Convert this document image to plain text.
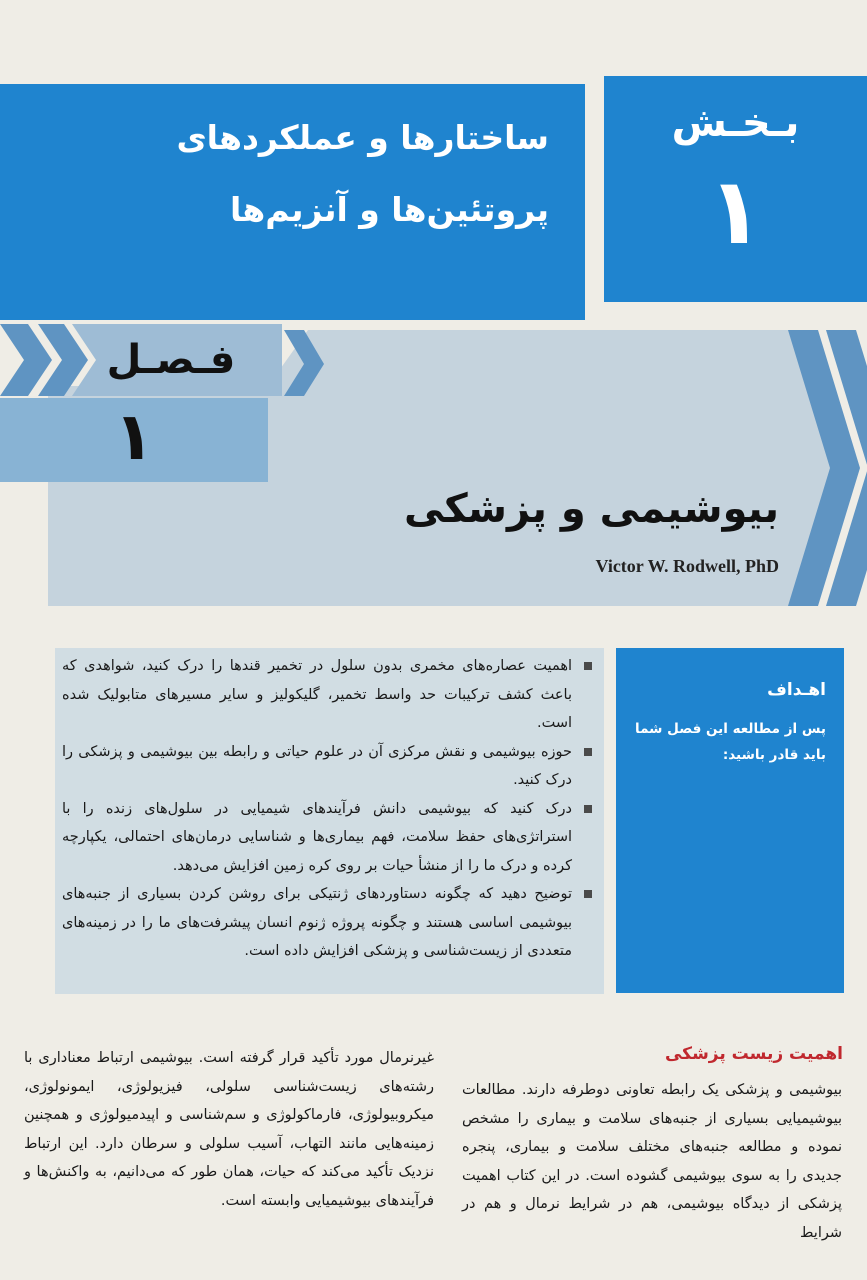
ساختارها و عملکردهای
پروتئین‌ها و آنزیم‌ها
بـخـش
۱
فـصـل
۱
بیوشیمی و پزشکی
Victor W. Rodwell, PhD
اهمیت عصاره‌های مخمری بدون سلول در تخمیر قندها را درک کنید، شواهدی که باعث کشف ترکیبات حد واسط تخمیر، گلیکولیز و سایر مسیرهای متابولیک شده است.
حوزه بیوشیمی و نقش مرکزی آن در علوم حیاتی و رابطه بین بیوشیمی و پزشکی را درک کنید.
درک کنید که بیوشیمی دانش فرآیندهای شیمیایی در سلول‌های زنده را با استراتژی‌های حفظ سلامت، فهم بیماری‌ها و شناسایی درمان‌های احتمالی، یکپارچه کرده و درک ما را از منشأ حیات بر روی کره زمین افزایش می‌دهد.
توضیح دهید که چگونه دستاوردهای ژنتیکی برای روشن کردن بسیاری از جنبه‌های بیوشیمی اساسی هستند و چگونه پروژه ژنوم انسان پیشرفت‌های ما را در زمینه‌های متعددی از زیست‌شناسی و پزشکی افزایش داده است.
اهـداف
پس از مطالعه این فصل شما باید قادر باشید:
اهمیت زیست پزشکی
بیوشیمی و پزشکی یک رابطه تعاونی دوطرفه دارند. مطالعات بیوشیمیایی بسیاری از جنبه‌های سلامت و بیماری را مشخص نموده و مطالعه جنبه‌های مختلف سلامت و بیماری، پنجره جدیدی را به سوی بیوشیمی گشوده است. در این کتاب اهمیت پزشکی از دیدگاه بیوشیمی، هم در شرایط نرمال و هم در شرایط
غیرنرمال مورد تأکید قرار گرفته است. بیوشیمی ارتباط معناداری با رشته‌های زیست‌شناسی سلولی، فیزیولوژی، ایمونولوژی، میکروبیولوژی، فارماکولوژی و سم‌شناسی و اپیدمیولوژی و همچنین زمینه‌هایی مانند التهاب، آسیب سلولی و سرطان دارد. این ارتباط نزدیک تأکید می‌کند که حیات، همان طور که می‌دانیم، به واکنش‌ها و فرآیندهای بیوشیمیایی وابسته است.
